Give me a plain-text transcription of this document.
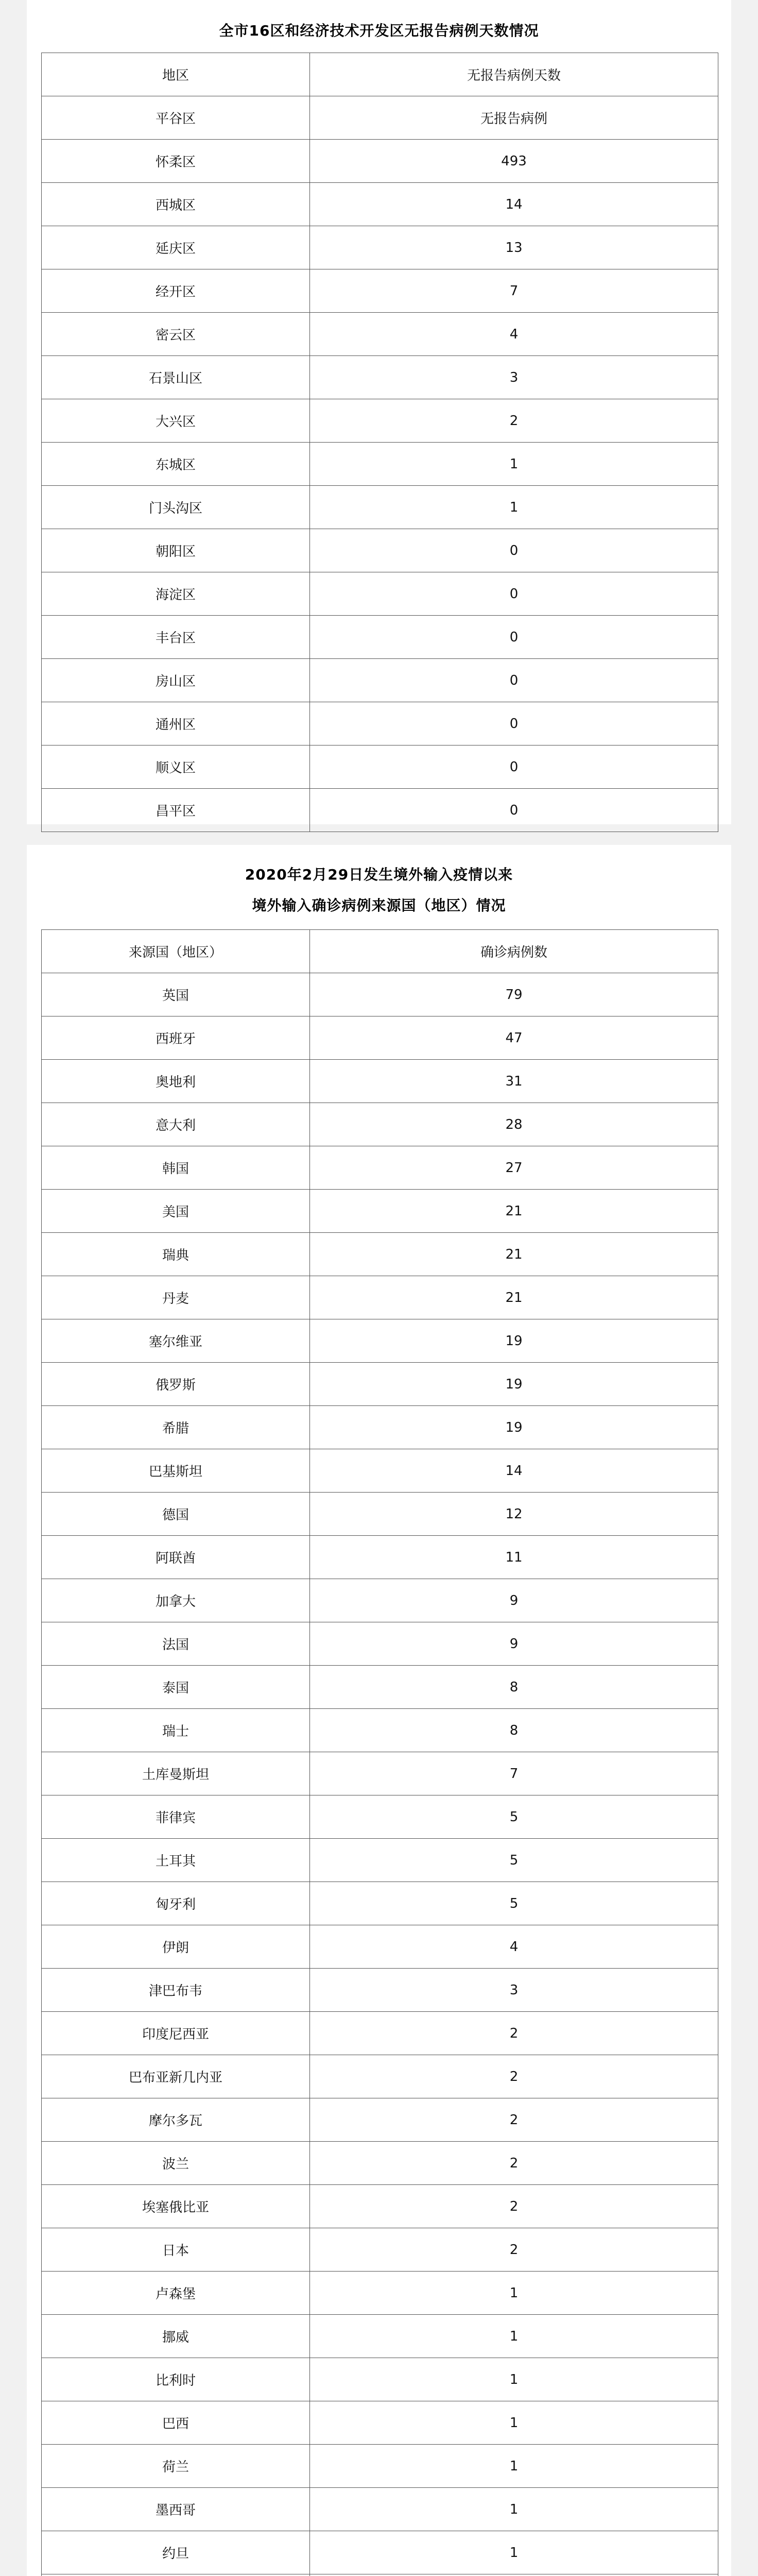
全市16区和经济技术开发区无报告病例天数情况
地区	无报告病例天数
平谷区	无报告病例
怀柔区	493
西城区	14
延庆区	13
经开区	7
密云区	4
石景山区	3
大兴区	2
东城区	1
门头沟区	1
朝阳区	0
海淀区	0
丰台区	0
房山区	0
通州区	0
顺义区	0
昌平区	0
2020年2月29日发生境外输入疫情以来
境外输入确诊病例来源国（地区）情况
来源国（地区）	确诊病例数
英国	79
西班牙	47
奥地利	31
意大利	28
韩国	27
美国	21
瑞典	21
丹麦	21
塞尔维亚	19
俄罗斯	19
希腊	19
巴基斯坦	14
德国	12
阿联酋	11
加拿大	9
法国	9
泰国	8
瑞士	8
土库曼斯坦	7
菲律宾	5
土耳其	5
匈牙利	5
伊朗	4
津巴布韦	3
印度尼西亚	2
巴布亚新几内亚	2
摩尔多瓦	2
波兰	2
埃塞俄比亚	2
日本	2
卢森堡	1
挪威	1
比利时	1
巴西	1
荷兰	1
墨西哥	1
约旦	1
